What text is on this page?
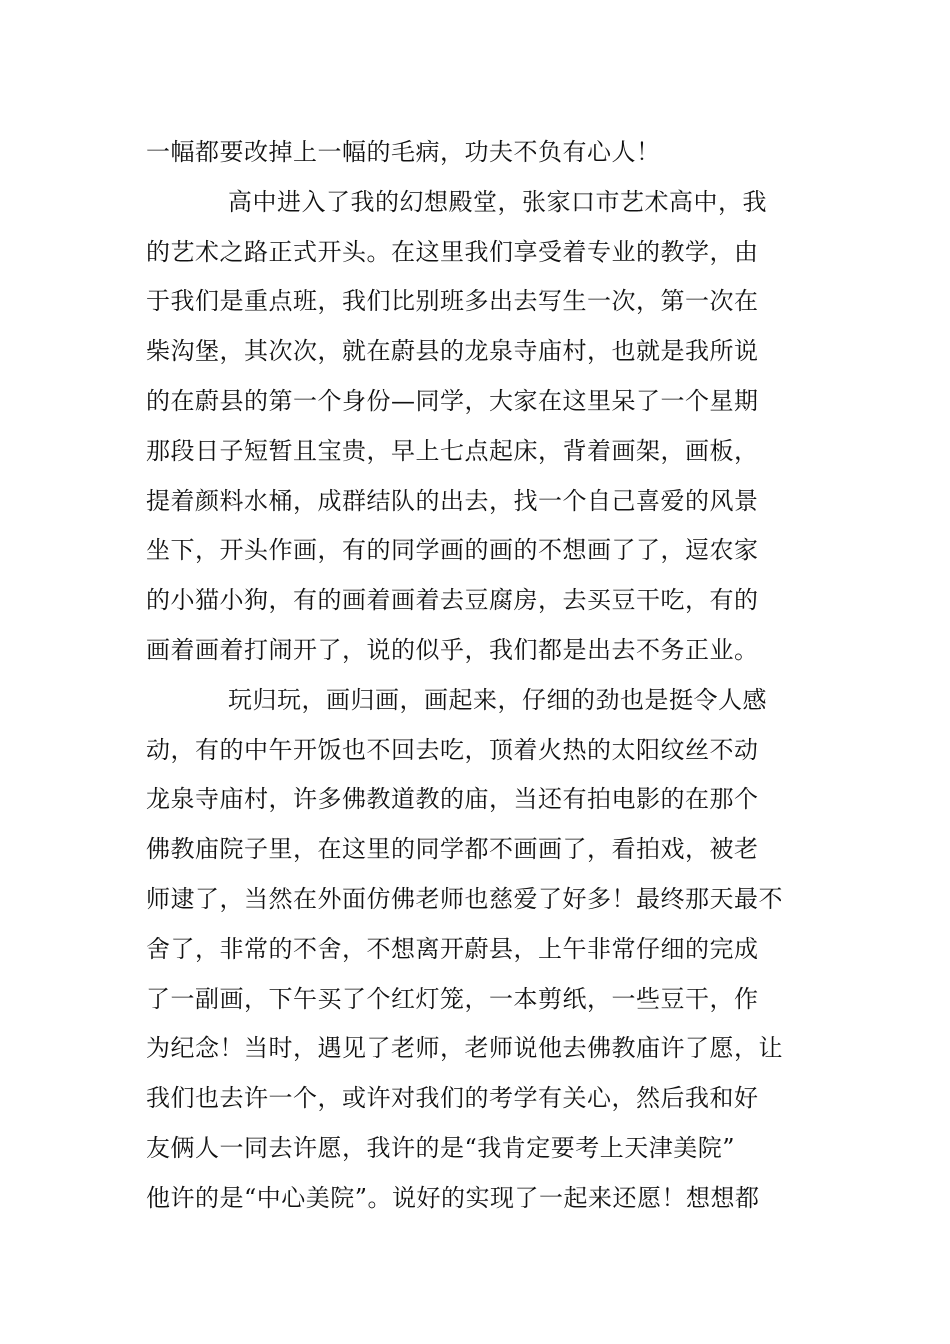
一幅都要改掉上一幅的毛病，功夫不负有心人！
高中进入了我的幻想殿堂，张家口市艺术高中，我
的艺术之路正式开头。在这里我们享受着专业的教学，由
于我们是重点班，我们比别班多出去写生一次，第一次在
柴沟堡，其次次，就在蔚县的龙泉寺庙村，也就是我所说
的在蔚县的第一个身份—同学，大家在这里呆了一个星期
那段日子短暂且宝贵，早上七点起床，背着画架，画板，
提着颜料水桶，成群结队的出去，找一个自己喜爱的风景
坐下，开头作画，有的同学画的画的不想画了了，逗农家
的小猫小狗，有的画着画着去豆腐房，去买豆干吃，有的
画着画着打闹开了，说的似乎，我们都是出去不务正业。
玩归玩，画归画，画起来，仔细的劲也是挺令人感
动，有的中午开饭也不回去吃，顶着火热的太阳纹丝不动
龙泉寺庙村，许多佛教道教的庙，当还有拍电影的在那个
佛教庙院子里，在这里的同学都不画画了，看拍戏，被老
师逮了，当然在外面仿佛老师也慈爱了好多！最终那天最不
舍了，非常的不舍，不想离开蔚县，上午非常仔细的完成
了一副画，下午买了个红灯笼，一本剪纸，一些豆干，作
为纪念！当时，遇见了老师，老师说他去佛教庙许了愿，让
我们也去许一个，或许对我们的考学有关心，然后我和好
友俩人一同去许愿，我许的是“我肯定要考上天津美院”
他许的是“中心美院”。说好的实现了一起来还愿！想想都
